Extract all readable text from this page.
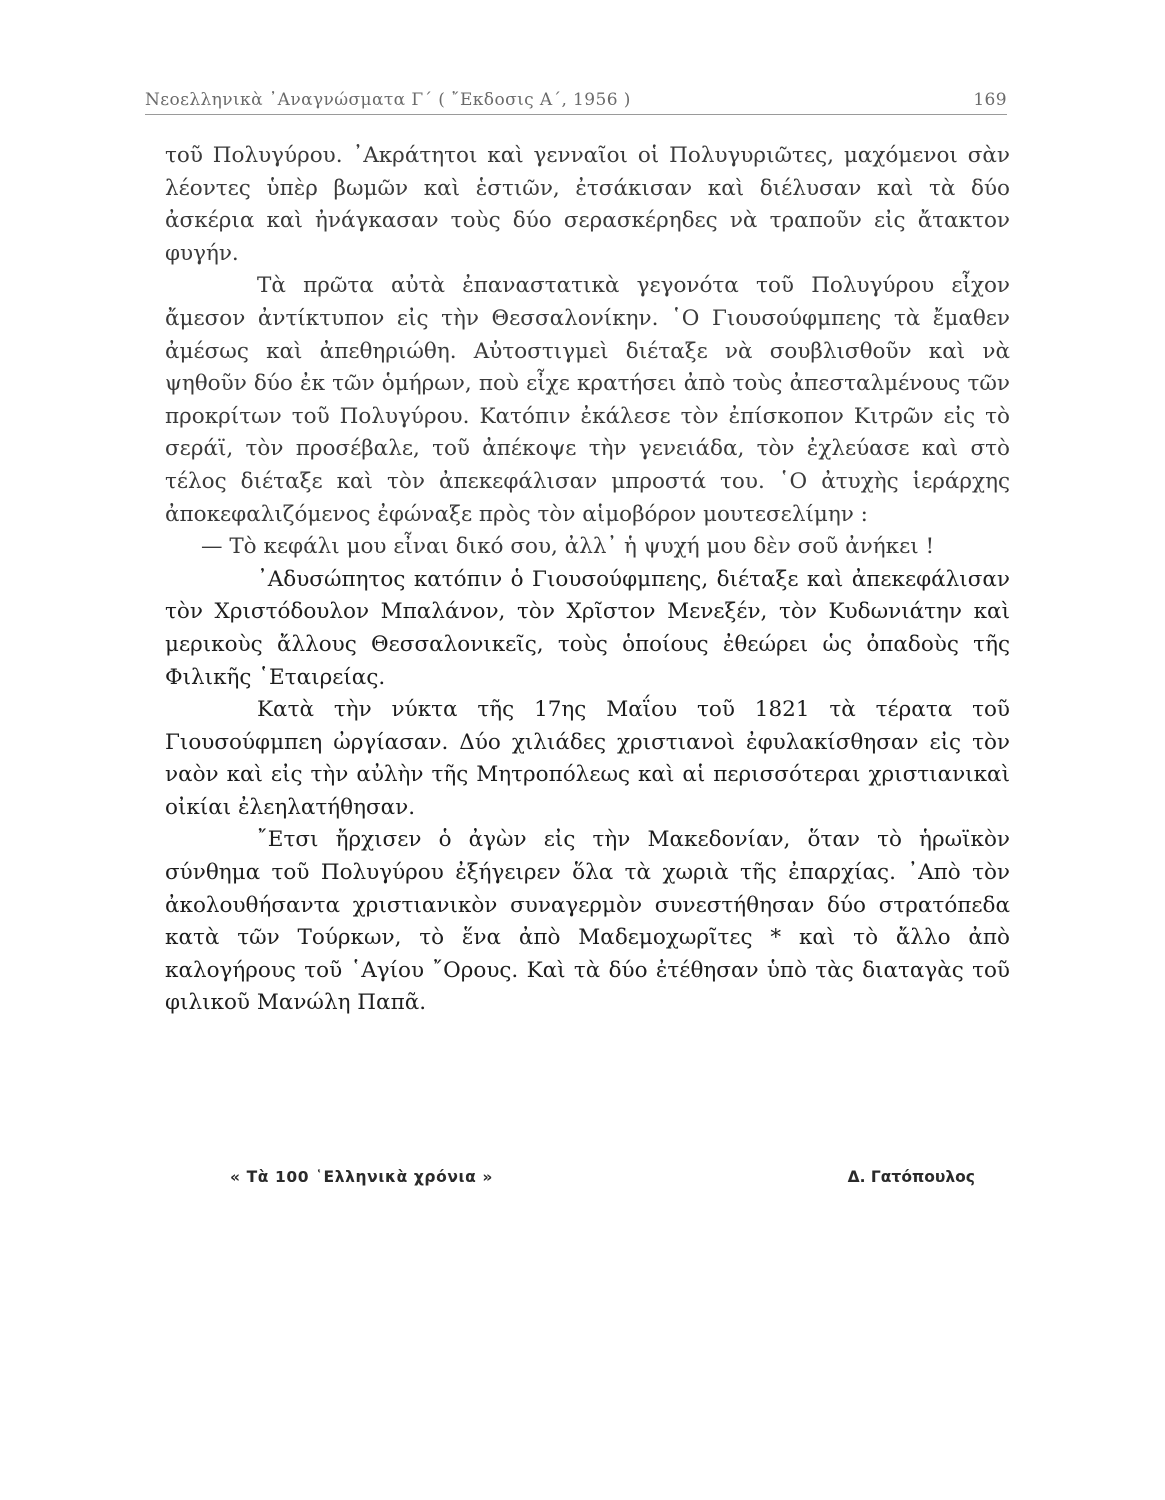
Νεοελληνικὰ ᾿Αναγνώσματα Γ΄ ( ῎Εκδοσις Α΄, 1956 )	169

τοῦ Πολυγύρου. ᾿Ακράτητοι καὶ γενναῖοι οἱ Πολυγυριῶτες, μαχόμενοι σὰν λέοντες ὑπὲρ βωμῶν καὶ ἑστιῶν, ἐτσάκισαν καὶ διέλυσαν καὶ τὰ δύο ἀσκέρια καὶ ἠνάγκασαν τοὺς δύο σερασκέρηδες νὰ τραποῦν εἰς ἄτακτον φυγήν.

Τὰ πρῶτα αὐτὰ ἐπαναστατικὰ γεγονότα τοῦ Πολυγύρου εἶχον ἄμεσον ἀντίκτυπον εἰς τὴν Θεσσαλονίκην. ῾Ο Γιουσούφμπεης τὰ ἔμαθεν ἀμέσως καὶ ἀπεθηριώθη. Αὐτοστιγμεὶ διέταξε νὰ σουβλισθοῦν καὶ νὰ ψηθοῦν δύο ἐκ τῶν ὁμήρων, ποὺ εἶχε κρατήσει ἀπὸ τοὺς ἀπεσταλμένους τῶν προκρίτων τοῦ Πολυγύρου. Κατόπιν ἐκάλεσε τὸν ἐπίσκοπον Κιτρῶν εἰς τὸ σεράϊ, τὸν προσέβαλε, τοῦ ἀπέκοψε τὴν γενειάδα, τὸν ἐχλεύασε καὶ στὸ τέλος διέταξε καὶ τὸν ἀπεκεφάλισαν μπροστά του. ῾Ο ἀτυχὴς ἱεράρχης ἀποκεφαλιζόμενος ἐφώναξε πρὸς τὸν αἱμοβόρον μουτεσελίμην :

— Τὸ κεφάλι μου εἶναι δικό σου, ἀλλ᾿ ἡ ψυχή μου δὲν σοῦ ἀνήκει !

᾿Αδυσώπητος κατόπιν ὁ Γιουσούφμπεης, διέταξε καὶ ἀπεκεφάλισαν τὸν Χριστόδουλον Μπαλάνον, τὸν Χρῖστον Μενεξέν, τὸν Κυδωνιάτην καὶ μερικοὺς ἄλλους Θεσσαλονικεῖς, τοὺς ὁποίους ἐθεώρει ὡς ὀπαδοὺς τῆς Φιλικῆς ῾Εταιρείας.

Κατὰ τὴν νύκτα τῆς 17ης Μαΐου τοῦ 1821 τὰ τέρατα τοῦ Γιουσούφμπεη ὠργίασαν. Δύο χιλιάδες χριστιανοὶ ἐφυλακίσθησαν εἰς τὸν ναὸν καὶ εἰς τὴν αὐλὴν τῆς Μητροπόλεως καὶ αἱ περισσότεραι χριστιανικαὶ οἰκίαι ἐλεηλατήθησαν.

῎Ετσι ἤρχισεν ὁ ἀγὼν εἰς τὴν Μακεδονίαν, ὅταν τὸ ἡρωϊκὸν σύνθημα τοῦ Πολυγύρου ἐξήγειρεν ὅλα τὰ χωριὰ τῆς ἐπαρχίας. ᾿Απὸ τὸν ἀκολουθήσαντα χριστιανικὸν συναγερμὸν συνεστήθησαν δύο στρατόπεδα κατὰ τῶν Τούρκων, τὸ ἕνα ἀπὸ Μαδεμοχωρῖτες * καὶ τὸ ἄλλο ἀπὸ καλογήρους τοῦ ῾Αγίου ῎Ορους. Καὶ τὰ δύο ἐτέθησαν ὑπὸ τὰς διαταγὰς τοῦ φιλικοῦ Μανώλη Παπᾶ.

« Τὰ 100 ῾Ελληνικὰ χρόνια »	Δ. Γατόπουλος
